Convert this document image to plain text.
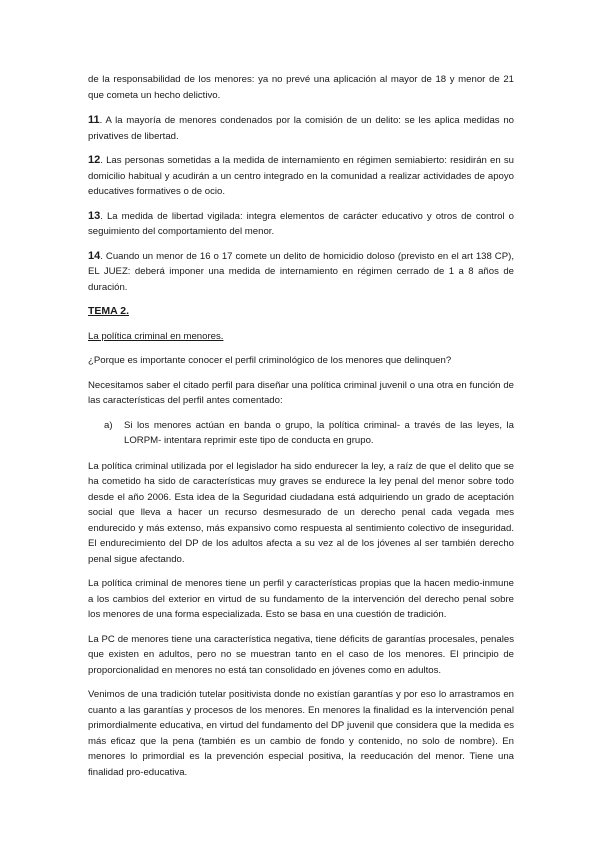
de la responsabilidad de los menores: ya no prevé una aplicación al mayor de 18 y menor de 21 que cometa un hecho delictivo.

11. A la mayoría de menores condenados por la comisión de un delito: se les aplica medidas no privatives de libertad.

12. Las personas sometidas a la medida de internamiento en régimen semiabierto: residirán en su domicilio habitual y acudirán a un centro integrado en la comunidad a realizar actividades de apoyo educatives formatives o de ocio.

13. La medida de libertad vigilada: integra elementos de carácter educativo y otros de control o seguimiento del comportamiento del menor.

14. Cuando un menor de 16 o 17 comete un delito de homicidio doloso (previsto en el art 138 CP), EL JUEZ: deberá imponer una medida de internamiento en régimen cerrado de 1 a 8 años de duración.

TEMA 2.
La política criminal en menores.

¿Porque es importante conocer el perfil criminológico de los menores que delinquen?

Necesitamos saber el citado perfil para diseñar una política criminal juvenil o una otra en función de las características del perfil antes comentado:

a)	Si los menores actúan en banda o grupo, la política criminal- a través de las leyes, la LORPM- intentara reprimir este tipo de conducta en grupo.

La política criminal utilizada por el legislador ha sido endurecer la ley, a raíz de que el delito que se ha cometido ha sido de características muy graves se endurece la ley penal del menor sobre todo desde el año 2006. Esta idea de la Seguridad ciudadana está adquiriendo un grado de aceptación social que lleva a hacer un recurso desmesurado de un derecho penal cada vegada mes endurecido y más extenso, más expansivo como respuesta al sentimiento colectivo de inseguridad. El endurecimiento del DP de los adultos afecta a su vez al de los jóvenes al ser también derecho penal sigue afectando.

La política criminal de menores tiene un perfil y características propias que la hacen medio-inmune a los cambios del exterior en virtud de su fundamento de la intervención del derecho penal sobre los menores de una forma especializada. Esto se basa en una cuestión de tradición.

La PC de menores tiene una característica negativa, tiene déficits de garantías procesales, penales que existen en adultos, pero no se muestran tanto en el caso de los menores. El principio de proporcionalidad en menores no está tan consolidado en jóvenes como en adultos.

Venimos de una tradición tutelar positivista donde no existían garantías y por eso lo arrastramos en cuanto a las garantías y procesos de los menores. En menores la finalidad es la intervención penal primordialmente educativa, en virtud del fundamento del DP juvenil que considera que la medida es más eficaz que la pena (también es un cambio de fondo y contenido, no solo de nombre). En menores lo primordial es la prevención especial positiva, la reeducación del menor. Tiene una finalidad pro-educativa.
